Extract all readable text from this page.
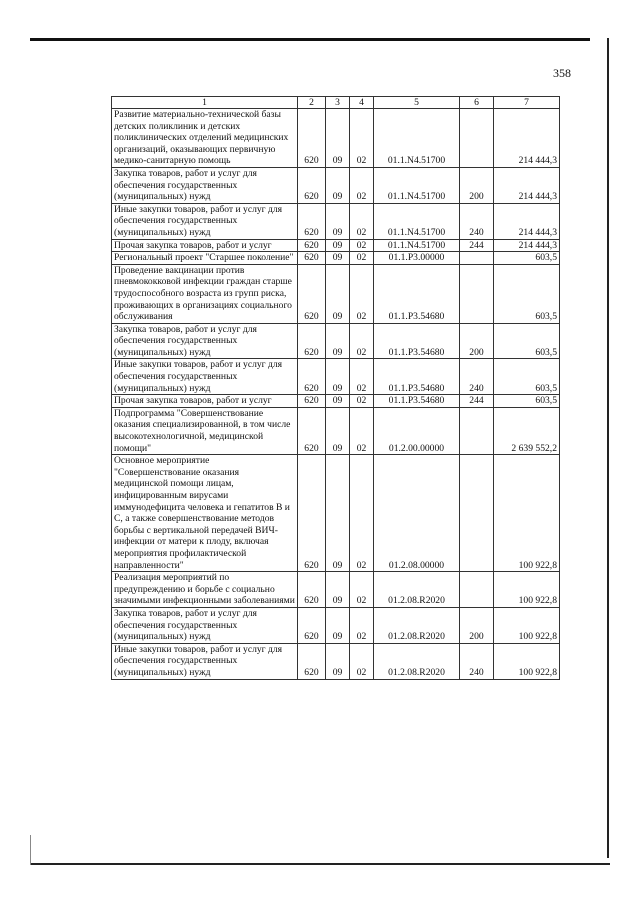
358
1	2	3	4	5	6	7
Развитие материально-технической базы детских поликлиник и детских поликлинических отделений медицинских организаций, оказывающих первичную медико-санитарную помощь	620	09	02	01.1.N4.51700		214 444,3
Закупка товаров, работ и услуг для обеспечения государственных (муниципальных) нужд	620	09	02	01.1.N4.51700	200	214 444,3
Иные закупки товаров, работ и услуг для обеспечения государственных (муниципальных) нужд	620	09	02	01.1.N4.51700	240	214 444,3
Прочая закупка товаров, работ и услуг	620	09	02	01.1.N4.51700	244	214 444,3
Региональный проект "Старшее поколение"	620	09	02	01.1.P3.00000		603,5
Проведение вакцинации против пневмококковой инфекции граждан старше трудоспособного возраста из групп риска, проживающих в организациях социального обслуживания	620	09	02	01.1.P3.54680		603,5
Закупка товаров, работ и услуг для обеспечения государственных (муниципальных) нужд	620	09	02	01.1.P3.54680	200	603,5
Иные закупки товаров, работ и услуг для обеспечения государственных (муниципальных) нужд	620	09	02	01.1.P3.54680	240	603,5
Прочая закупка товаров, работ и услуг	620	09	02	01.1.P3.54680	244	603,5
Подпрограмма "Совершенствование оказания специализированной, в том числе высокотехнологичной, медицинской помощи"	620	09	02	01.2.00.00000		2 639 552,2
Основное мероприятие "Совершенствование оказания медицинской помощи лицам, инфицированным вирусами иммунодефицита человека и гепатитов B и C, а также совершенствование методов борьбы с вертикальной передачей ВИЧ-инфекции от матери к плоду, включая мероприятия профилактической направленности"	620	09	02	01.2.08.00000		100 922,8
Реализация мероприятий по предупреждению и борьбе с социально значимыми инфекционными заболеваниями	620	09	02	01.2.08.R2020		100 922,8
Закупка товаров, работ и услуг для обеспечения государственных (муниципальных) нужд	620	09	02	01.2.08.R2020	200	100 922,8
Иные закупки товаров, работ и услуг для обеспечения государственных (муниципальных) нужд	620	09	02	01.2.08.R2020	240	100 922,8
